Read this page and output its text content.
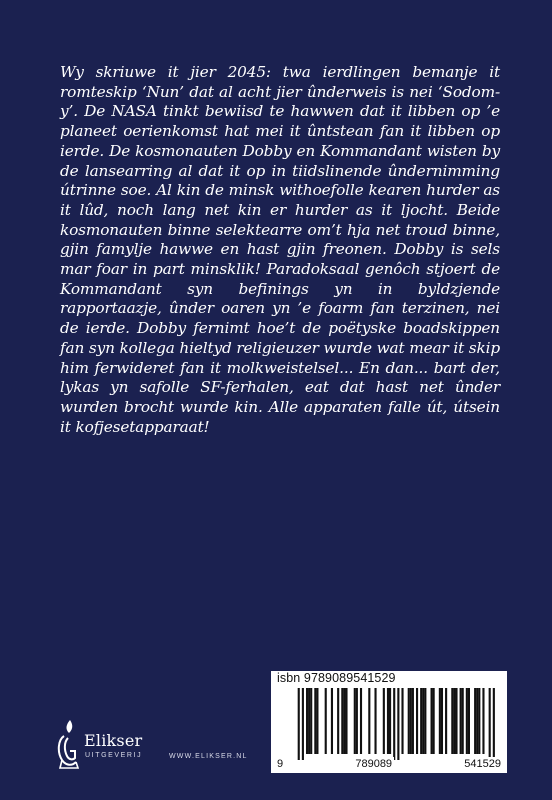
Wy skriuwe it jier 2045: twa ierdlingen bemanje it romteskip ‘Nun’ dat al acht jier ûnderweis is nei ‘Sodom-y’. De NASA tinkt bewiisd te hawwen dat it libben op ’e planeet oerienkomst hat mei it ûntstean fan it libben op ierde. De kosmonauten Dobby en Kommandant wisten by de lansearring al dat it op in tiidslinende ûndernimming útrinne soe. Al kin de minsk withoefolle kearen hurder as it lûd, noch lang net kin er hurder as it ljocht. Beide kosmonauten binne selektearre om’t hja net troud binne, gjin famylje hawwe en hast gjin freonen. Dobby is sels mar foar in part minsklik! Paradoksaal genôch stjoert de Kommandant syn befinings yn in byldzjende rapportaazje, ûnder oaren yn ’e foarm fan terzinen, nei de ierde. Dobby fernimt hoe’t de poëtyske boadskippen fan syn kollega hieltyd religieuzer wurde wat mear it skip him ferwideret fan it molkweistelsel... En dan... bart der, lykas yn safolle SF-ferhalen, eat dat hast net ûnder wurden brocht wurde kin. Alle apparaten falle út, útsein it kofjesetapparaat!

isbn 9789089541529
9	789089	541529
Elikser
UITGEVERIJ	WWW.ELIKSER.NL
